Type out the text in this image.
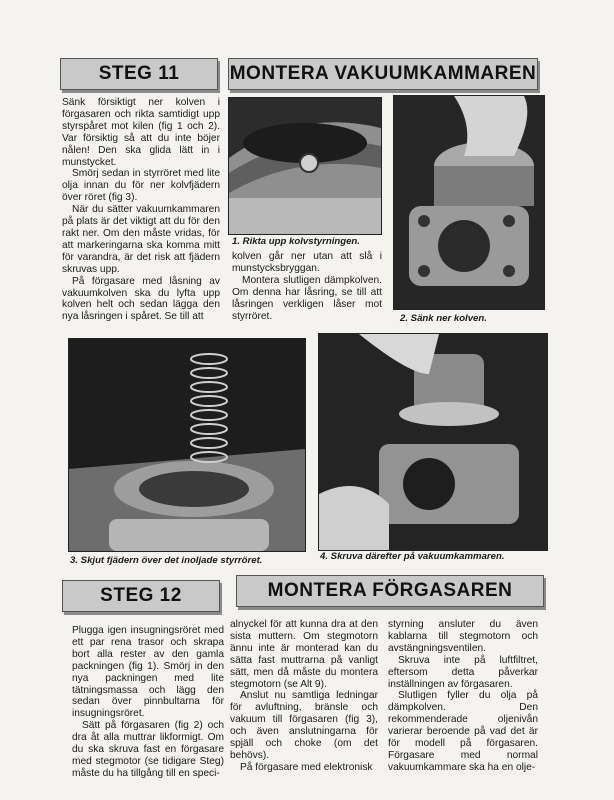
STEG 11	MONTERA VAKUUMKAMMAREN

Sänk försiktigt ner kolven i förgasaren och rikta samtidigt upp styrspåret mot kilen (fig 1 och 2). Var försiktig så att du inte böjer nålen! Den ska glida lätt in i munstycket.

Smörj sedan in styrröret med lite olja innan du för ner kolvfjädern över röret (fig 3).

När du sätter vakuumkammaren på plats är det viktigt att du för den rakt ner. Om den måste vridas, för att markeringarna ska komma mitt för varandra, är det risk att fjädern skruvas upp.

På förgasare med låsning av vakuumkolven ska du lyfta upp kolven helt och sedan lägga den nya låsringen i spåret. Se till att

1. Rikta upp kolvstyrningen.

kolven går ner utan att slå i munstycksbryggan.

Montera slutligen dämpkolven. Om denna har låsring, se till att låsringen verkligen låser mot styrröret.	2. Sänk ner kolven.

3. Skjut fjädern över det inoljade styrröret.	4. Skruva därefter på vakuumkammaren.

STEG 12	MONTERA FÖRGASAREN

Plugga igen insugningsröret med ett par rena trasor och skrapa bort alla rester av den gamla packningen (fig 1). Smörj in den nya packningen med lite tätningsmassa och lägg den sedan över pinnbultarna för insugningsröret.

Sätt på förgasaren (fig 2) och dra åt alla muttrar likformigt. Om du ska skruva fast en förgasare med stegmotor (se tidigare Steg) måste du ha tillgång till en speci-

alnyckel för att kunna dra at den sista muttern. Om stegmotorn ännu inte är monterad kan du sätta fast muttrarna på vanligt sätt, men då måste du montera stegmotorn (se Alt 9).

Anslut nu samtliga ledningar för avluftning, bränsle och vakuum till förgasaren (fig 3), och även anslutningarna för spjäll och choke (om det behövs).

På förgasare med elektronisk

styrning ansluter du även kablarna till stegmotorn och avstängningsventilen.

Skruva inte på luftfiltret, eftersom detta påverkar inställningen av förgasaren.

Slutligen fyller du olja på dämpkolven. Den rekommenderade oljenivån varierar beroende på vad det är för modell på förgasaren. Förgasare med normal vakuumkammare ska ha en olje-
